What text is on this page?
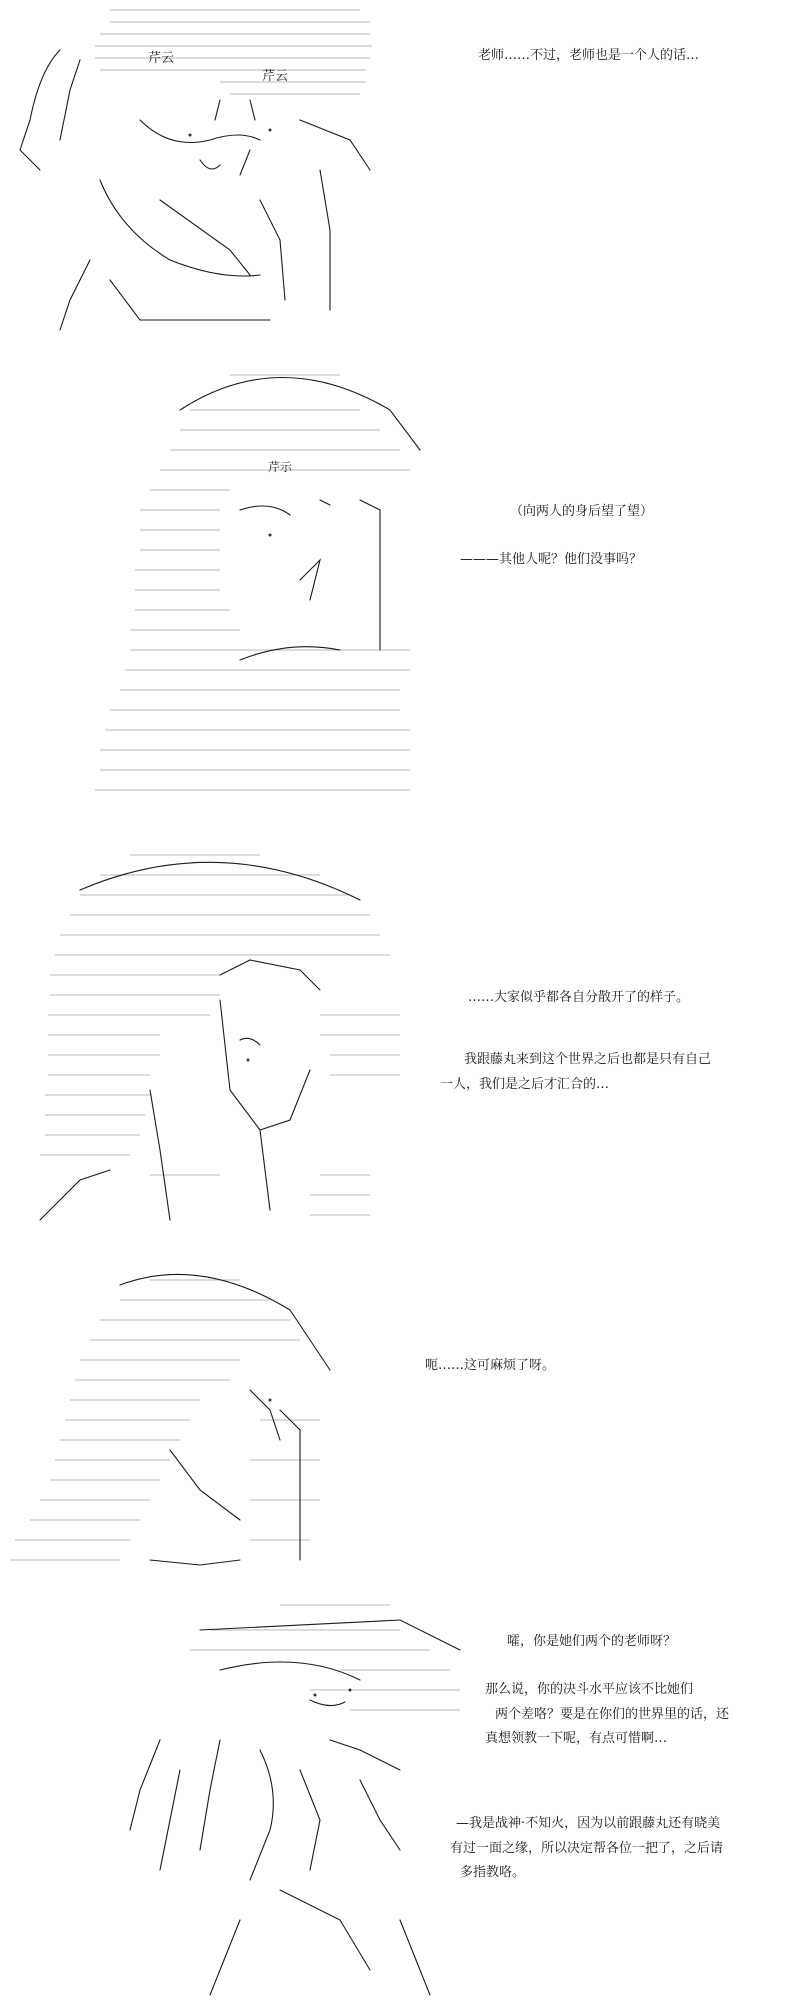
芹云
芹云

老师……不过，老师也是一个人的话…

芹示

（向两人的身后望了望）

———其他人呢？他们没事吗？

……大家似乎都各自分散开了的样子。

我跟藤丸来到这个世界之后也都是只有自己

一人，我们是之后才汇合的…

呃……这可麻烦了呀。

嚯，你是她们两个的老师呀？

那么说，你的决斗水平应该不比她们

两个差咯？要是在你们的世界里的话，还

真想领教一下呢，有点可惜啊…

—我是战神·不知火，因为以前跟藤丸还有晓美

有过一面之缘，所以决定帮各位一把了，之后请

多指教咯。
